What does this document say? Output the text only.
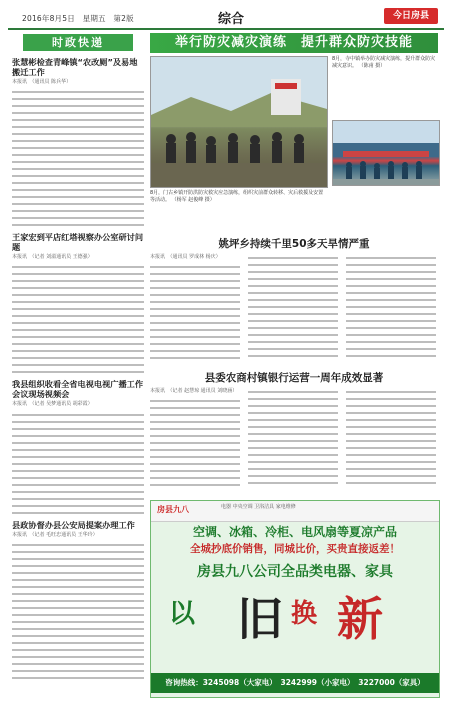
2016年8月5日　星期五　第2版	综合	今日房县
时政快递
张慧彬检查青峰镇“农改厕”及易地搬迁工作
本报讯　（通讯员 陈兵华）
王家宏到平店红塔视察办公室研讨问题
本报讯　（记者 刘溢通讯员 王德强）
我县组织收看全省电视电视广播工作会议现场视频会
本报讯　（记者 吴梦通讯员 胡彩霞）
县政协督办县公安局提案办理工作
本报讯　（记者 毛旺忠通讯员 王华玲）
举行防灾减灾演练　提升群众防灾技能
8月，门古乡镇开防洪防灾救灾应急演练，组织灾前群众转移、灾后救援及安置等活动。 （杨军 赵俊峰 摄）
8月，寺中镇举办防灾减灾演练，提升群众防灾减灾意识。 （陈甫 摄）
姚坪乡持续千里50多天旱情严重
本报讯　（通讯员 罗成林 杨庆）
县委农商村镇银行运营一周年成效显著
本报讯　（记者 赵慧琼 通讯员 刘晓涵）
房县九八	电器 中央空调 卫浴洁具 家电维修
空调、冰箱、冷柜、电风扇等夏凉产品
全城抄底价销售，同城比价，买贵直接返差！
房县九八公司全品类电器、家具
以 旧 换 新
咨询热线：3245098（大家电）　3242999（小家电）　3227000（家具）
